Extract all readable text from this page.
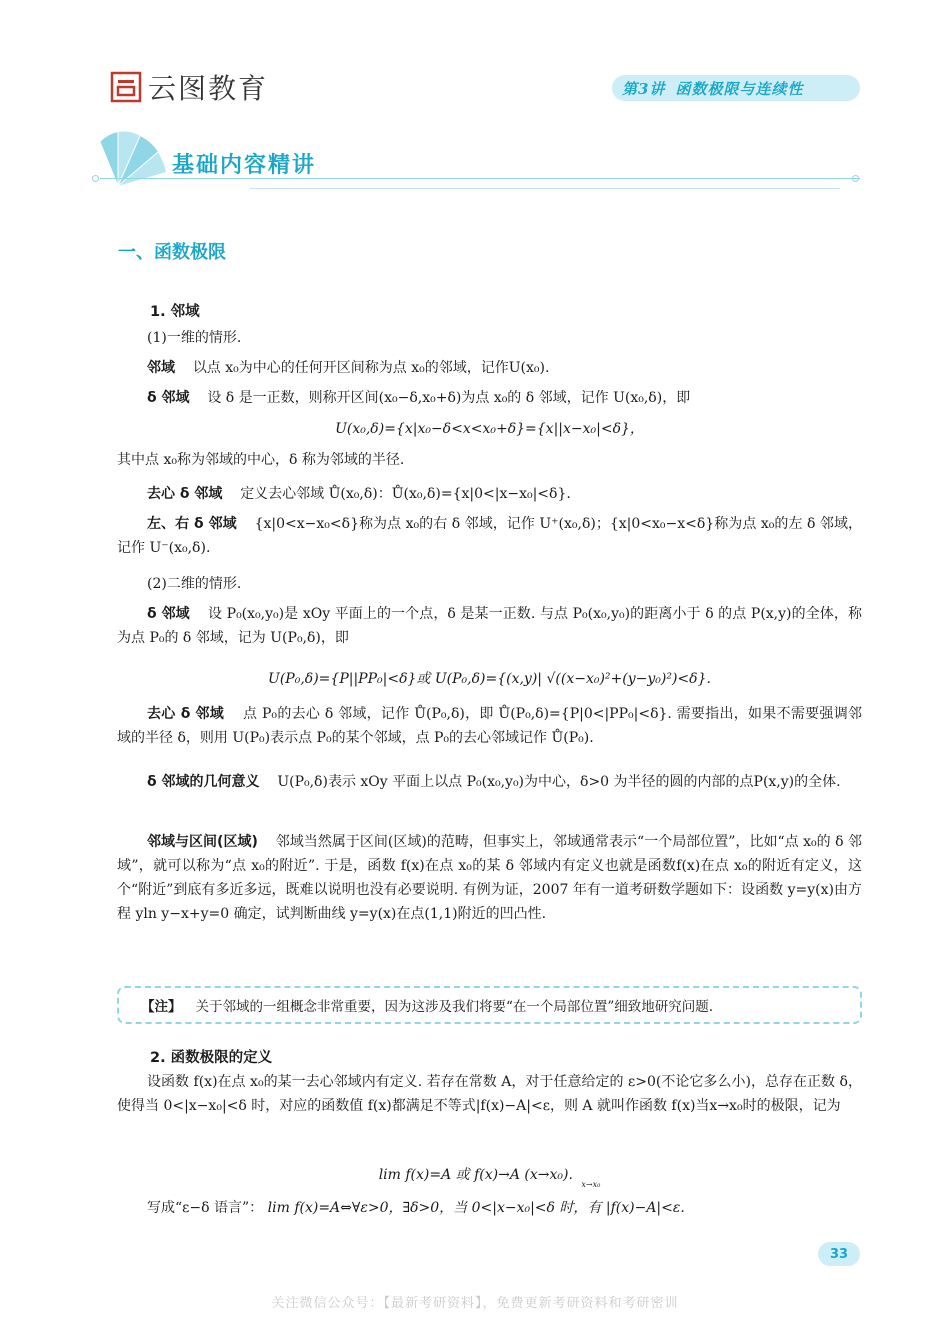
云图教育	第3讲 函数极限与连续性
基础内容精讲
一、函数极限
1. 邻域
(1)一维的情形.
邻域 以点 x₀为中心的任何开区间称为点 x₀的邻域，记作U(x₀).
δ 邻域 设 δ 是一正数，则称开区间(x₀−δ,x₀+δ)为点 x₀的 δ 邻域，记作 U(x₀,δ)，即
U(x₀,δ)={x|x₀−δ<x<x₀+δ}={x||x−x₀|<δ}，
其中点 x₀称为邻域的中心，δ 称为邻域的半径.
去心 δ 邻域 定义去心邻域 Ů(x₀,δ)：Ů(x₀,δ)={x|0<|x−x₀|<δ}.
左、右 δ 邻域 {x|0<x−x₀<δ}称为点 x₀的右 δ 邻域，记作 U⁺(x₀,δ)；{x|0<x₀−x<δ}称为点 x₀的左 δ 邻域，记作 U⁻(x₀,δ).
(2)二维的情形.
δ 邻域 设 P₀(x₀,y₀)是 xOy 平面上的一个点，δ 是某一正数. 与点 P₀(x₀,y₀)的距离小于 δ 的点 P(x,y)的全体，称为点 P₀的 δ 邻域，记为 U(P₀,δ)，即
U(P₀,δ)={P||PP₀|<δ}或 U(P₀,δ)={(x,y)| √((x−x₀)²+(y−y₀)²)<δ}.
去心 δ 邻域 点 P₀的去心 δ 邻域，记作 Ů(P₀,δ)，即 Ů(P₀,δ)={P|0<|PP₀|<δ}. 需要指出，如果不需要强调邻域的半径 δ，则用 U(P₀)表示点 P₀的某个邻域，点 P₀的去心邻域记作 Ů(P₀).
δ 邻域的几何意义 U(P₀,δ)表示 xOy 平面上以点 P₀(x₀,y₀)为中心，δ>0 为半径的圆的内部的点P(x,y)的全体.
邻域与区间(区域) 邻域当然属于区间(区域)的范畴，但事实上，邻域通常表示“一个局部位置”，比如“点 x₀的 δ 邻域”，就可以称为“点 x₀的附近”. 于是，函数 f(x)在点 x₀的某 δ 邻域内有定义也就是函数f(x)在点 x₀的附近有定义，这个“附近”到底有多近多远，既难以说明也没有必要说明. 有例为证，2007 年有一道考研数学题如下：设函数 y=y(x)由方程 yln y−x+y=0 确定，试判断曲线 y=y(x)在点(1,1)附近的凹凸性.
【注】 关于邻域的一组概念非常重要，因为这涉及我们将要“在一个局部位置”细致地研究问题.
2. 函数极限的定义
设函数 f(x)在点 x₀的某一去心邻域内有定义. 若存在常数 A，对于任意给定的 ε>0(不论它多么小)，总存在正数 δ，使得当 0<|x−x₀|<δ 时，对应的函数值 f(x)都满足不等式|f(x)−A|<ε，则 A 就叫作函数 f(x)当x→x₀时的极限，记为
lim f(x)=A 或 f(x)→A (x→x₀). $_{x\to x_0}$
写成“ε−δ 语言”： lim f(x)=A⇔∀ε>0，∃δ>0，当 0<|x−x₀|<δ 时，有 |f(x)−A|<ε.
33
关注微信公众号：【最新考研资料】，免费更新考研资料和考研密训
